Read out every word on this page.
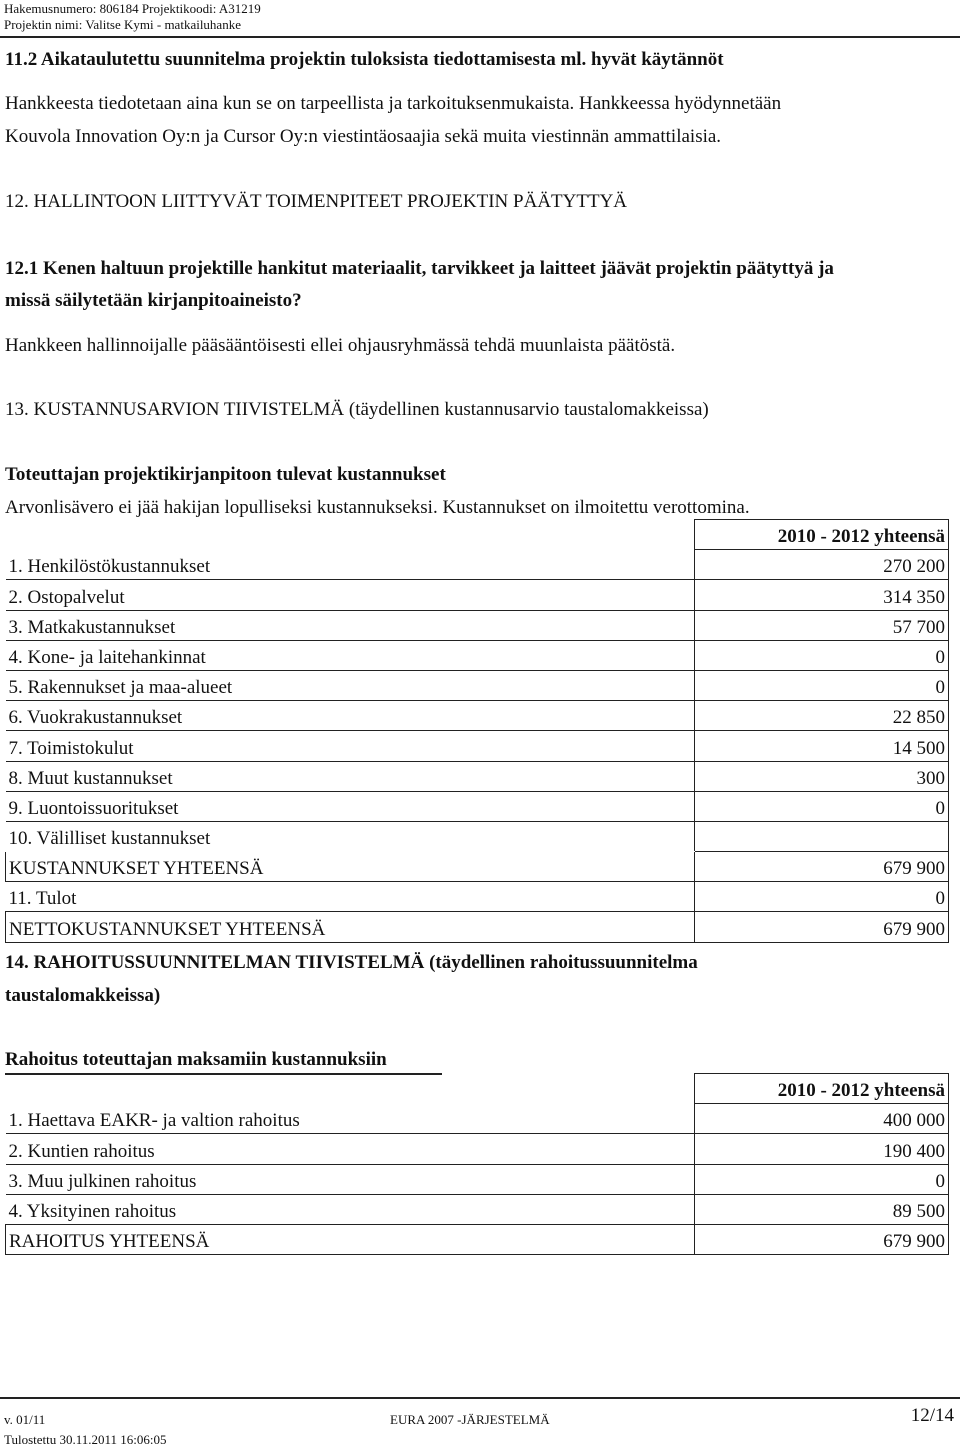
Hakemusnumero: 806184 Projektikoodi: A31219
Projektin nimi: Valitse Kymi - matkailuhanke
11.2 Aikataulutettu suunnitelma projektin tuloksista tiedottamisesta ml. hyvät käytännöt
Hankkeesta tiedotetaan aina kun se on tarpeellista ja tarkoituksenmukaista. Hankkeessa hyödynnetään
Kouvola Innovation Oy:n ja Cursor Oy:n viestintäosaajia sekä muita viestinnän ammattilaisia.
12. HALLINTOON LIITTYVÄT TOIMENPITEET PROJEKTIN PÄÄTYTTYÄ
12.1 Kenen haltuun projektille hankitut materiaalit, tarvikkeet ja laitteet jäävät projektin päätyttyä ja
missä säilytetään kirjanpitoaineisto?
Hankkeen hallinnoijalle pääsääntöisesti ellei ohjausryhmässä tehdä muunlaista päätöstä.
13. KUSTANNUSARVION TIIVISTELMÄ (täydellinen kustannusarvio taustalomakkeissa)
Toteuttajan projektikirjanpitoon tulevat kustannukset
Arvonlisävero ei jää hakijan lopulliseksi kustannukseksi. Kustannukset on ilmoitettu verottomina.
	2010 - 2012 yhteensä
1. Henkilöstökustannukset	270 200
2. Ostopalvelut	314 350
3. Matkakustannukset	57 700
4. Kone- ja laitehankinnat	0
5. Rakennukset ja maa-alueet	0
6. Vuokrakustannukset	22 850
7. Toimistokulut	14 500
8. Muut kustannukset	300
9. Luontoissuoritukset	0
10. Välilliset kustannukset	
KUSTANNUKSET YHTEENSÄ	679 900
11. Tulot	0
NETTOKUSTANNUKSET YHTEENSÄ	679 900
14. RAHOITUSSUUNNITELMAN TIIVISTELMÄ (täydellinen rahoitussuunnitelma
taustalomakkeissa)
Rahoitus toteuttajan maksamiin kustannuksiin
	2010 - 2012 yhteensä
1. Haettava EAKR- ja valtion rahoitus	400 000
2. Kuntien rahoitus	190 400
3. Muu julkinen rahoitus	0
4. Yksityinen rahoitus	89 500
RAHOITUS YHTEENSÄ	679 900
v. 01/11	EURA 2007 -JÄRJESTELMÄ	12/14
Tulostettu 30.11.2011 16:06:05
